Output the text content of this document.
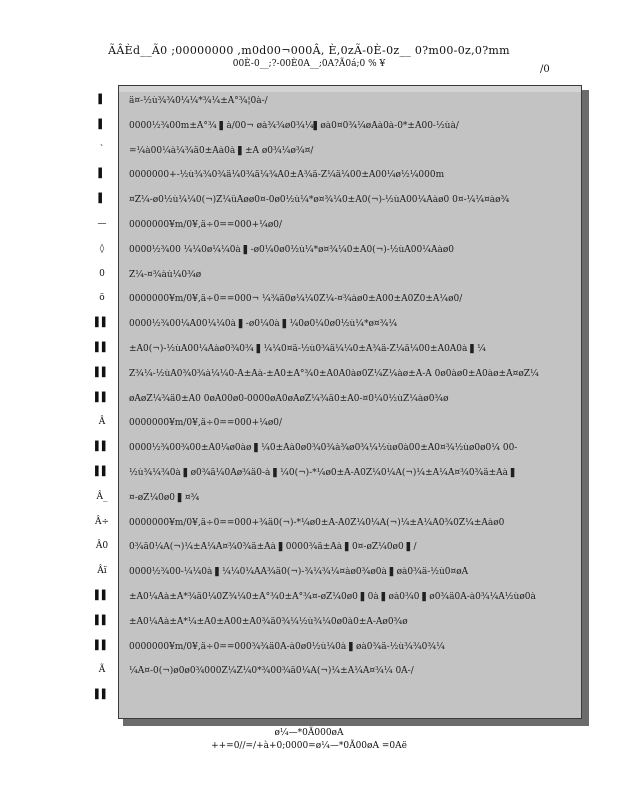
ÃÂÈd__Ã0 ;00000000 ,m0d00¬000Â, È,0zÃ-0È-0z__ 0?m00-0z,0?mm
00È-0__;?-00È0A__;0A?Ã0á;0 % ¥	/0
▌
▌
`
▌
▌
—
◊
0
ö
▌▌
▌▌
▌▌
▌▌
Â
▌▌
▌▌
Â_
Â÷
Â0
Âï
▌▌
▌▌
▌▌
Ã
▌▌
ä¤-½ù¾¾0¼¼*¾¼±Å°¾¦0à-/
0000½¾00m±Å°¾ ▌à/00¬ øà¾¾ø0¾¼▌øà0¤0¾¼øÅà0à-0*±Å00-½ùà/
=¼à00¼à¼¾ä0±Åà0à ▌±Å ø0¾¼ø¾¤/
0000000+-½ù¾¾0¾ä¼0¾ä¼¾Å0±Å¾ä-Ž¼ä¼00±Å00¼ø½¼000m
¤Ž¼-ø0½ù¼¼0(¬)Ž¼ûÅøø0¤-0ø0½ù¼*ø¤¾¼0±Å0(¬)-½ùÅ00¼Åàø0 0¤-¼¼¤àø¾
0000000¥m/0¥,ä÷0==000+¼ø0/
0000½¾00 ¼¼0ø¼¼0à ▌-ø0¼0ø0½ù¼*ø¤¾¼0±Å0(¬)-½ùÅ00¼Åàø0
Ž¼-¤¾àù¼0¾ø
0000000¥m/0¥,ä÷0==000¬ ¼¾ä0ø¼¼0Ž¼-¤¾àø0±Å00±Å0Ž0±Å¼ø0/
0000½¾00¼Å00¼¼0à ▌-ø0¼0à ▌¼0ø0¼0ø0½ù¼*ø¤¾¼
±Å0(¬)-½ùÅ00¼Åàø0¾0¾ ▌¼¼0¤ä-½ù0¾ä¼¼0±Å¾ä-Ž¼ä¼00±Å0Å0à ▌¼
Ž¾¼-½ùÅ0¾0¾à¼¼0-Å±Åà-±Å0±Å°¾0±Å0Å0àø0Ž¼Ž¼àø±Å-Å 0ø0àø0±Å0àø±Å¤øŽ¼
øÅøŽ¼¾ä0±Å0 0øÅ00ø0-0000øÅ0øÅøŽ¼¾ä0±Å0-¤0¼0½ùŽ¼àø0¾ø
0000000¥m/0¥,ä÷0==000+¼ø0/
0000½¾00¾00±Å0¼ø0àø ▌¼0±Åà0ø0¾0¾à¾ø0¾¼½ùø0à00±Å0¤¾½ùø0ø0¼ 00-
½ù¾¼¾0à ▌ø0¾ä¼0Åø¾ä0-à ▌¼0(¬)-*¼ø0±Å-Å0Ž¼0¼A(¬)¼±Å¼Å¤¾0¾ä±Åà ▌
¤-øŽ¼0ø0 ▌¤¾
0000000¥m/0¥,ä÷0==000+¾ä0(¬)-*¼ø0±Å-Å0Ž¼0¼A(¬)¼±Å¼Å0¾0Ž¼±Åàø0
0¾ä0¼A(¬)¼±Å¼Å¤¾0¾ä±Åà ▌0000¾ä±Åà ▌0¤-øŽ¼0ø0 ▌/
0000½¾00-¼¼0à ▌¼¼0¼ÅÅ¾ä0(¬)-¾¼¾¼¤àø0¾ø0à ▌øà0¾ä-½ù0¤øÅ
±Å0¼Åà±Å*¾ä0¼0Ž¾¼0±Å°¾0±Å°¾¤-øŽ¼0ø0 ▌0à ▌øà0¾0 ▌ø0¾ä0Å-à0¾¼Å½ùø0à
±Å0¼Åà±Å*¼±Å0±Å00±Å0¾ä0¾¼½ù¾¼0ø0à0±Å-Åø0¾ø
0000000¥m/0¥,ä÷0==000¾¾ä0Å-à0ø0½ù¼0à ▌øà0¾ä-½ù¾¾0¾¼
¼Å¤-0(¬)ø0ø0¾000Ž¼Ž¼0*¾00¾ä0¼A(¬)¼±Å¼Å¤¾¼ 0Å-/
ø¼—*0Ã000øA
++=0//=/+à+0;0000=ø¼—*0Ã00øA =0Aë
